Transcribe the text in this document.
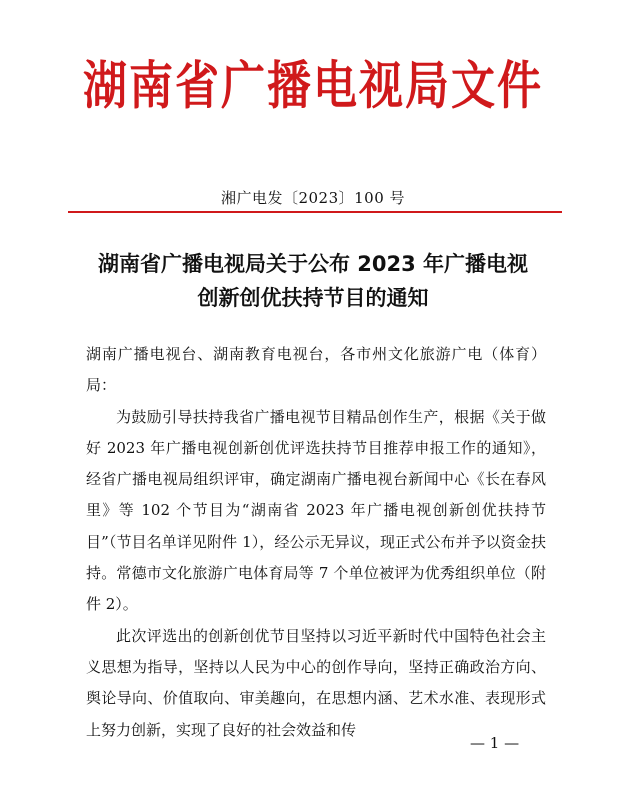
湖南省广播电视局文件
湘广电发〔2023〕100 号
湖南省广播电视局关于公布 2023 年广播电视
创新创优扶持节目的通知

湖南广播电视台、湖南教育电视台，各市州文化旅游广电（体育）局：

为鼓励引导扶持我省广播电视节目精品创作生产，根据《关于做好 2023 年广播电视创新创优评选扶持节目推荐申报工作的通知》，经省广播电视局组织评审，确定湖南广播电视台新闻中心《长在春风里》等 102 个节目为“湖南省 2023 年广播电视创新创优扶持节目”（节目名单详见附件 1），经公示无异议，现正式公布并予以资金扶持。常德市文化旅游广电体育局等 7 个单位被评为优秀组织单位（附件 2）。

此次评选出的创新创优节目坚持以习近平新时代中国特色社会主义思想为指导，坚持以人民为中心的创作导向，坚持正确政治方向、舆论导向、价值取向、审美趣向，在思想内涵、艺术水准、表现形式上努力创新，实现了良好的社会效益和传

— 1 —
